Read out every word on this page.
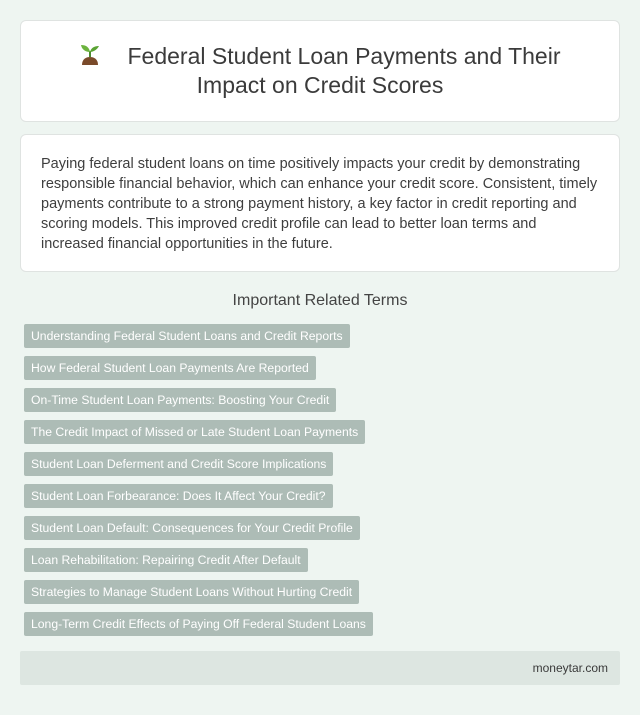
Federal Student Loan Payments and Their Impact on Credit Scores

Paying federal student loans on time positively impacts your credit by demonstrating responsible financial behavior, which can enhance your credit score. Consistent, timely payments contribute to a strong payment history, a key factor in credit reporting and scoring models. This improved credit profile can lead to better loan terms and increased financial opportunities in the future.

Important Related Terms
Understanding Federal Student Loans and Credit Reports
How Federal Student Loan Payments Are Reported
On-Time Student Loan Payments: Boosting Your Credit
The Credit Impact of Missed or Late Student Loan Payments
Student Loan Deferment and Credit Score Implications
Student Loan Forbearance: Does It Affect Your Credit?
Student Loan Default: Consequences for Your Credit Profile
Loan Rehabilitation: Repairing Credit After Default
Strategies to Manage Student Loans Without Hurting Credit
Long-Term Credit Effects of Paying Off Federal Student Loans
moneytar.com
